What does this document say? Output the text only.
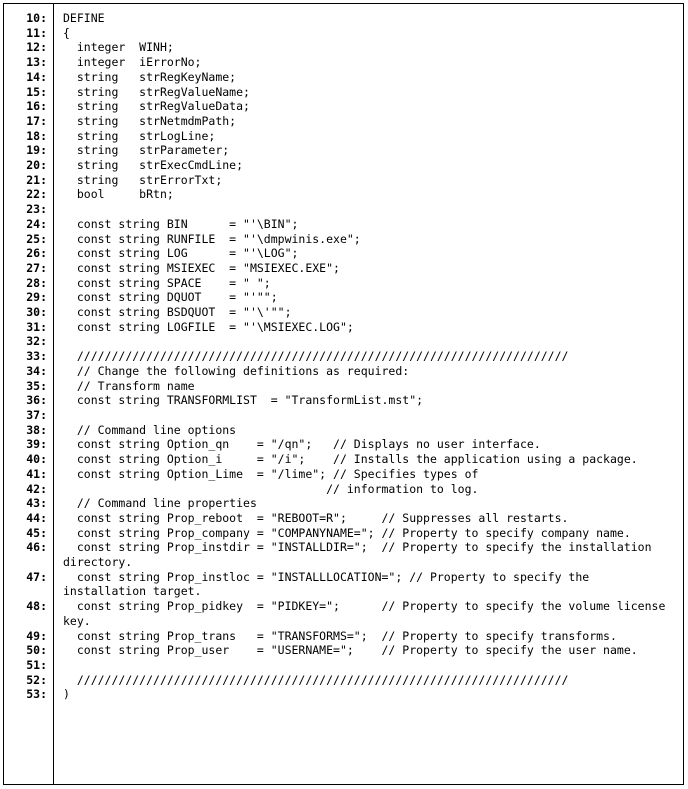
10: DEFINE
11: {
12: integer  WINH;
13: integer  iErrorNo;
14: string   strRegKeyName;
15: string   strRegValueName;
16: string   strRegValueData;
17: string   strNetmdmPath;
18: string   strLogLine;
19: string   strParameter;
20: string   strExecCmdLine;
21: string   strErrorTxt;
22: bool     bRtn;
23:

24: const string BIN      = "'\BIN";
25: const string RUNFILE  = "'\dmpwinis.exe";
26: const string LOG      = "'\LOG";
27: const string MSIEXEC  = "MSIEXEC.EXE";
28: const string SPACE    = " ";
29: const string DQUOT    = "'"";
30: const string BSDQUOT  = "'\'"";
31: const string LOGFILE  = "'\MSIEXEC.LOG";
32:

33: ///////////////////////////////////////////////////////////////////////
34: // Change the following definitions as required:
35: // Transform name
36: const string TRANSFORMLIST  = "TransformList.mst";
37:

38: // Command line options
39: const string Option_qn    = "/qn";   // Displays no user interface.
40: const string Option_i     = "/i";    // Installs the application using a package.
41: const string Option_Lime  = "/lime"; // Specifies types of
42: // information to log.
43: // Command line properties
44: const string Prop_reboot  = "REBOOT=R";     // Suppresses all restarts.
45: const string Prop_company = "COMPANYNAME="; // Property to specify company name.
46: const string Prop_instdir = "INSTALLDIR=";  // Property to specify the installation directory.
47: const string Prop_instloc = "INSTALLLOCATION="; // Property to specify the installation target.
48: const string Prop_pidkey  = "PIDKEY=";      // Property to specify the volume license key.
49: const string Prop_trans   = "TRANSFORMS=";  // Property to specify transforms.
50: const string Prop_user    = "USERNAME=";    // Property to specify the user name.
51:

52: ///////////////////////////////////////////////////////////////////////
53: )
